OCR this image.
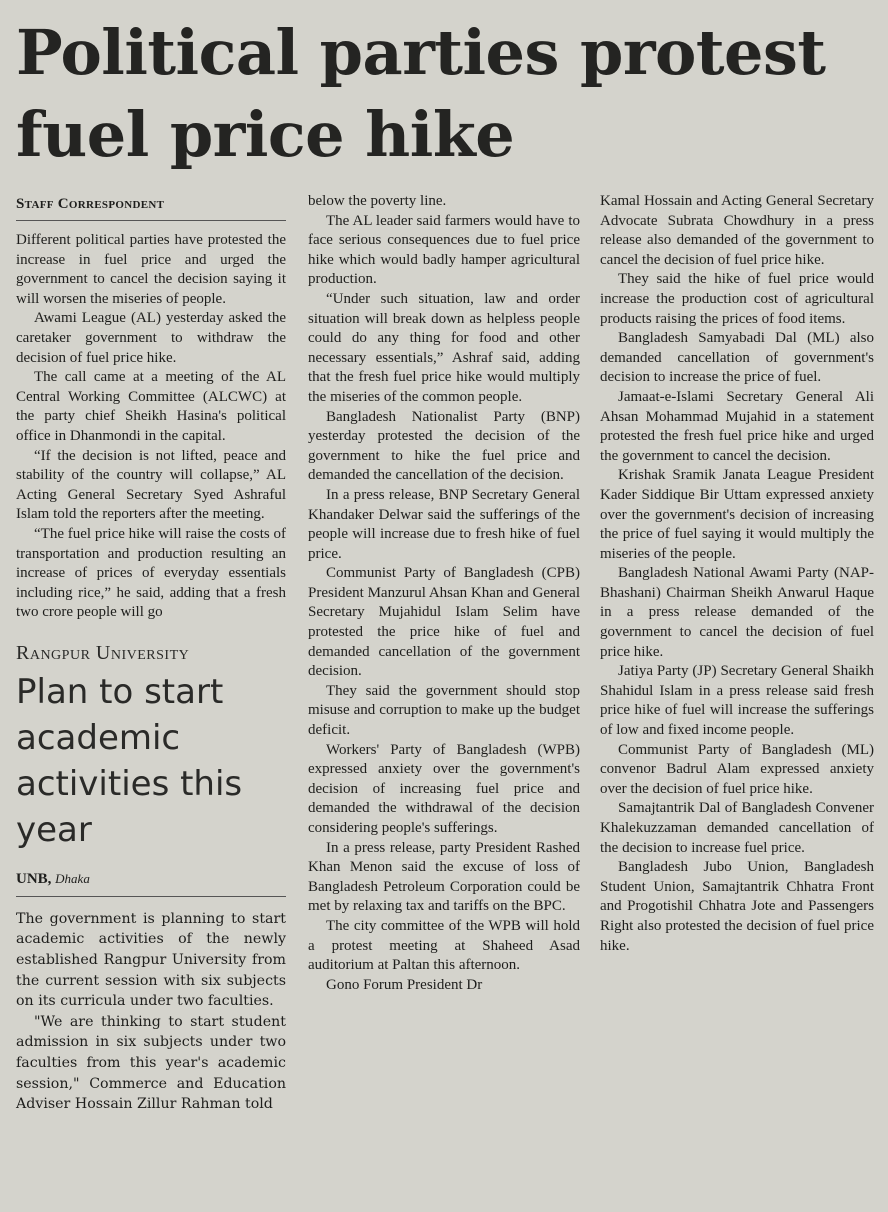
Political parties protest fuel price hike
Staff Correspondent

Different political parties have protested the increase in fuel price and urged the government to cancel the decision saying it will worsen the miseries of people.

Awami League (AL) yesterday asked the caretaker government to withdraw the decision of fuel price hike.

The call came at a meeting of the AL Central Working Committee (ALCWC) at the party chief Sheikh Hasina's political office in Dhanmondi in the capital.

“If the decision is not lifted, peace and stability of the country will collapse,” AL Acting General Secretary Syed Ashraful Islam told the reporters after the meeting.

“The fuel price hike will raise the costs of transportation and production resulting an increase of prices of everyday essentials including rice,” he said, adding that a fresh two crore people will go

Rangpur University
Plan to start academic activities this year
UNB, Dhaka

The government is planning to start academic activities of the newly established Rangpur University from the current session with six subjects on its curricula under two faculties.

"We are thinking to start student admission in six subjects under two faculties from this year's academic session," Commerce and Education Adviser Hossain Zillur Rahman told

below the poverty line.

The AL leader said farmers would have to face serious consequences due to fuel price hike which would badly hamper agricultural production.

“Under such situation, law and order situation will break down as helpless people could do any thing for food and other necessary essentials,” Ashraf said, adding that the fresh fuel price hike would multiply the miseries of the common people.

Bangladesh Nationalist Party (BNP) yesterday protested the decision of the government to hike the fuel price and demanded the cancellation of the decision.

In a press release, BNP Secretary General Khandaker Delwar said the sufferings of the people will increase due to fresh hike of fuel price.

Communist Party of Bangladesh (CPB) President Manzurul Ahsan Khan and General Secretary Mujahidul Islam Selim have protested the price hike of fuel and demanded cancellation of the government decision.

They said the government should stop misuse and corruption to make up the budget deficit.

Workers' Party of Bangladesh (WPB) expressed anxiety over the government's decision of increasing fuel price and demanded the withdrawal of the decision considering people's sufferings.

In a press release, party President Rashed Khan Menon said the excuse of loss of Bangladesh Petroleum Corporation could be met by relaxing tax and tariffs on the BPC.

The city committee of the WPB will hold a protest meeting at Shaheed Asad auditorium at Paltan this afternoon.

Gono Forum President Dr

Kamal Hossain and Acting General Secretary Advocate Subrata Chowdhury in a press release also demanded of the government to cancel the decision of fuel price hike.

They said the hike of fuel price would increase the production cost of agricultural products raising the prices of food items.

Bangladesh Samyabadi Dal (ML) also demanded cancellation of government's decision to increase the price of fuel.

Jamaat-e-Islami Secretary General Ali Ahsan Mohammad Mujahid in a statement protested the fresh fuel price hike and urged the government to cancel the decision.

Krishak Sramik Janata League President Kader Siddique Bir Uttam expressed anxiety over the government's decision of increasing the price of fuel saying it would multiply the miseries of the people.

Bangladesh National Awami Party (NAP-Bhashani) Chairman Sheikh Anwarul Haque in a press release demanded of the government to cancel the decision of fuel price hike.

Jatiya Party (JP) Secretary General Shaikh Shahidul Islam in a press release said fresh price hike of fuel will increase the sufferings of low and fixed income people.

Communist Party of Bangladesh (ML) convenor Badrul Alam expressed anxiety over the decision of fuel price hike.

Samajtantrik Dal of Bangladesh Convener Khalekuzzaman demanded cancellation of the decision to increase fuel price.

Bangladesh Jubo Union, Bangladesh Student Union, Samajtantrik Chhatra Front and Progotishil Chhatra Jote and Passengers Right also protested the decision of fuel price hike.
